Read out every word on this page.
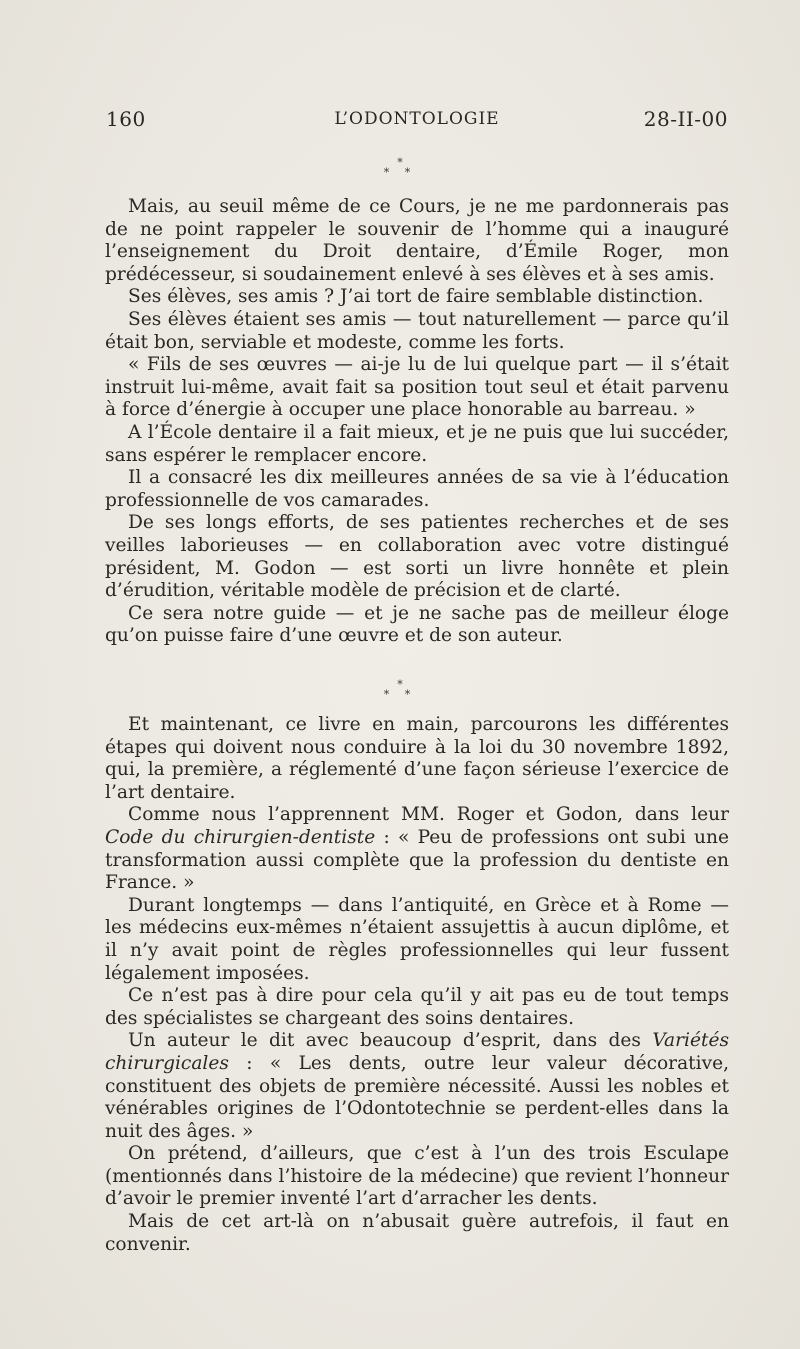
160	L’ODONTOLOGIE	28-II-00
*
* *

Mais, au seuil même de ce Cours, je ne me pardonnerais pas de ne point rappeler le souvenir de l’homme qui a inauguré l’enseignement du Droit dentaire, d’Émile Roger, mon prédécesseur, si soudainement enlevé à ses élèves et à ses amis.

Ses élèves, ses amis ? J’ai tort de faire semblable distinction.

Ses élèves étaient ses amis — tout naturellement — parce qu’il était bon, serviable et modeste, comme les forts.

« Fils de ses œuvres — ai-je lu de lui quelque part — il s’était instruit lui-même, avait fait sa position tout seul et était parvenu à force d’énergie à occuper une place honorable au barreau. »

A l’École dentaire il a fait mieux, et je ne puis que lui succéder, sans espérer le remplacer encore.

Il a consacré les dix meilleures années de sa vie à l’éducation professionnelle de vos camarades.

De ses longs efforts, de ses patientes recherches et de ses veilles laborieuses — en collaboration avec votre distingué président, M. Godon — est sorti un livre honnête et plein d’érudition, véritable modèle de précision et de clarté.

Ce sera notre guide — et je ne sache pas de meilleur éloge qu’on puisse faire d’une œuvre et de son auteur.

*
* *

Et maintenant, ce livre en main, parcourons les différentes étapes qui doivent nous conduire à la loi du 30 novembre 1892, qui, la première, a réglementé d’une façon sérieuse l’exercice de l’art dentaire.

Comme nous l’apprennent MM. Roger et Godon, dans leur Code du chirurgien-dentiste : « Peu de professions ont subi une transformation aussi complète que la profession du dentiste en France. »

Durant longtemps — dans l’antiquité, en Grèce et à Rome — les médecins eux-mêmes n’étaient assujettis à aucun diplôme, et il n’y avait point de règles professionnelles qui leur fussent légalement imposées.

Ce n’est pas à dire pour cela qu’il y ait pas eu de tout temps des spécialistes se chargeant des soins dentaires.

Un auteur le dit avec beaucoup d’esprit, dans des Variétés chirurgicales : « Les dents, outre leur valeur décorative, constituent des objets de première nécessité. Aussi les nobles et vénérables origines de l’Odontotechnie se perdent-elles dans la nuit des âges. »

On prétend, d’ailleurs, que c’est à l’un des trois Esculape (mentionnés dans l’histoire de la médecine) que revient l’honneur d’avoir le premier inventé l’art d’arracher les dents.

Mais de cet art-là on n’abusait guère autrefois, il faut en convenir.
